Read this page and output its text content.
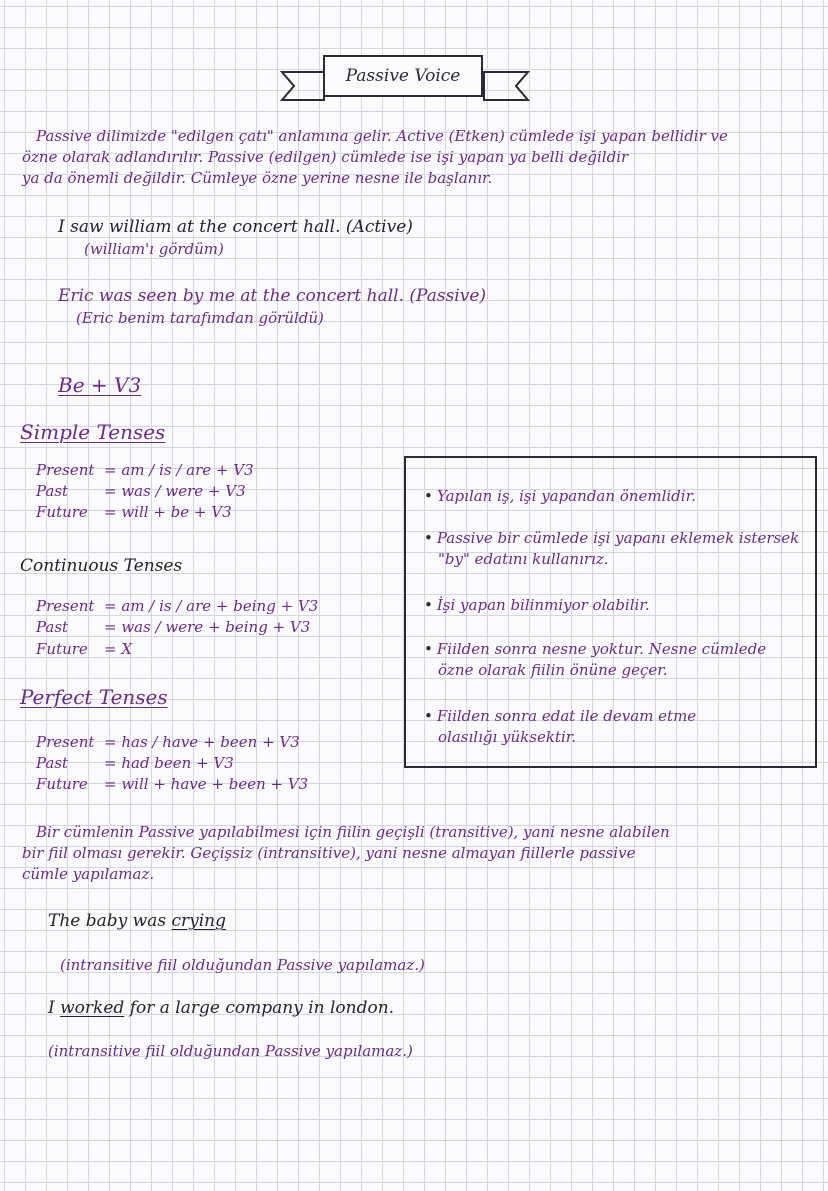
Passive Voice
Passive dilimizde "edilgen çatı" anlamına gelir. Active (Etken) cümlede işi yapan bellidir ve
özne olarak adlandırılır. Passive (edilgen) cümlede ise işi yapan ya belli değildir
ya da önemli değildir. Cümleye özne yerine nesne ile başlanır.
I saw william at the concert hall. (Active)
(william'ı gördüm)
Eric was seen by me at the concert hall. (Passive)
(Eric benim tarafımdan görüldü)
Be + V3
Simple Tenses
Present = am / is / are + V3
Past = was / were + V3
Future = will + be + V3
Continuous Tenses
Present = am / is / are + being + V3
Past = was / were + being + V3
Future = X
Perfect Tenses
Present = has / have + been + V3
Past = had been + V3
Future = will + have + been + V3
• Yapılan iş, işi yapandan önemlidir.
• Passive bir cümlede işi yapanı eklemek istersek
"by" edatını kullanırız.
• İşi yapan bilinmiyor olabilir.
• Fiilden sonra nesne yoktur. Nesne cümlede
özne olarak fiilin önüne geçer.
• Fiilden sonra edat ile devam etme
olasılığı yüksektir.
Bir cümlenin Passive yapılabilmesi için fiilin geçişli (transitive), yani nesne alabilen
bir fiil olması gerekir. Geçişsiz (intransitive), yani nesne almayan fiillerle passive
cümle yapılamaz.
The baby was crying
(intransitive fiil olduğundan Passive yapılamaz.)
I worked for a large company in london.
(intransitive fiil olduğundan Passive yapılamaz.)
